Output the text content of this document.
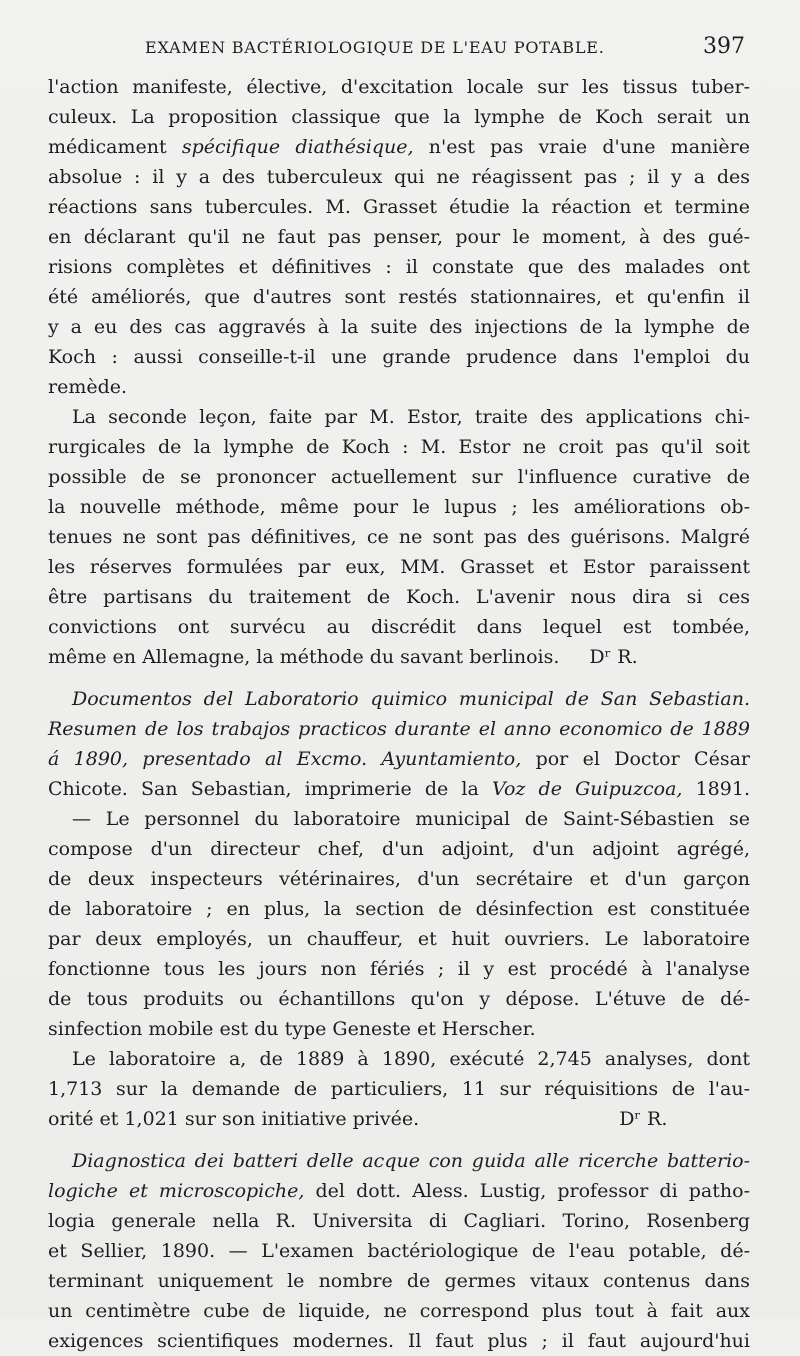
EXAMEN BACTÉRIOLOGIQUE DE L'EAU POTABLE.	397
l'action manifeste, élective, d'excitation locale sur les tissus tuber-
culeux. La proposition classique que la lymphe de Koch serait un
médicament spécifique diathésique, n'est pas vraie d'une manière
absolue : il y a des tuberculeux qui ne réagissent pas ; il y a des
réactions sans tubercules. M. Grasset étudie la réaction et termine
en déclarant qu'il ne faut pas penser, pour le moment, à des gué-
risions complètes et définitives : il constate que des malades ont
été améliorés, que d'autres sont restés stationnaires, et qu'enfin il
y a eu des cas aggravés à la suite des injections de la lymphe de
Koch : aussi conseille-t-il une grande prudence dans l'emploi du
remède.
La seconde leçon, faite par M. Estor, traite des applications chi-
rurgicales de la lymphe de Koch : M. Estor ne croit pas qu'il soit
possible de se prononcer actuellement sur l'influence curative de
la nouvelle méthode, même pour le lupus ; les améliorations ob-
tenues ne sont pas définitives, ce ne sont pas des guérisons. Malgré
les réserves formulées par eux, MM. Grasset et Estor paraissent
être partisans du traitement de Koch. L'avenir nous dira si ces
convictions ont survécu au discrédit dans lequel est tombée,
même en Allemagne, la méthode du savant berlinois. Dʳ R.
Documentos del Laboratorio quimico municipal de San Sebastian.
Resumen de los trabajos practicos durante el anno economico de 1889
á 1890, presentado al Excmo. Ayuntamiento, por el Doctor César
Chicote. San Sebastian, imprimerie de la Voz de Guipuzcoa, 1891.
— Le personnel du laboratoire municipal de Saint-Sébastien se
compose d'un directeur chef, d'un adjoint, d'un adjoint agrégé,
de deux inspecteurs vétérinaires, d'un secrétaire et d'un garçon
de laboratoire ; en plus, la section de désinfection est constituée
par deux employés, un chauffeur, et huit ouvriers. Le laboratoire
fonctionne tous les jours non fériés ; il y est procédé à l'analyse
de tous produits ou échantillons qu'on y dépose. L'étuve de dé-
sinfection mobile est du type Geneste et Herscher.
Le laboratoire a, de 1889 à 1890, exécuté 2,745 analyses, dont
1,713 sur la demande de particuliers, 11 sur réquisitions de l'au-
orité et 1,021 sur son initiative privée.	Dʳ R.
Diagnostica dei batteri delle acque con guida alle ricerche batterio-
logiche et microscopiche, del dott. Aless. Lustig, professor di patho-
logia generale nella R. Universita di Cagliari. Torino, Rosenberg
et Sellier, 1890. — L'examen bactériologique de l'eau potable, dé-
terminant uniquement le nombre de germes vitaux contenus dans
un centimètre cube de liquide, ne correspond plus tout à fait aux
exigences scientifiques modernes. Il faut plus ; il faut aujourd'hui
